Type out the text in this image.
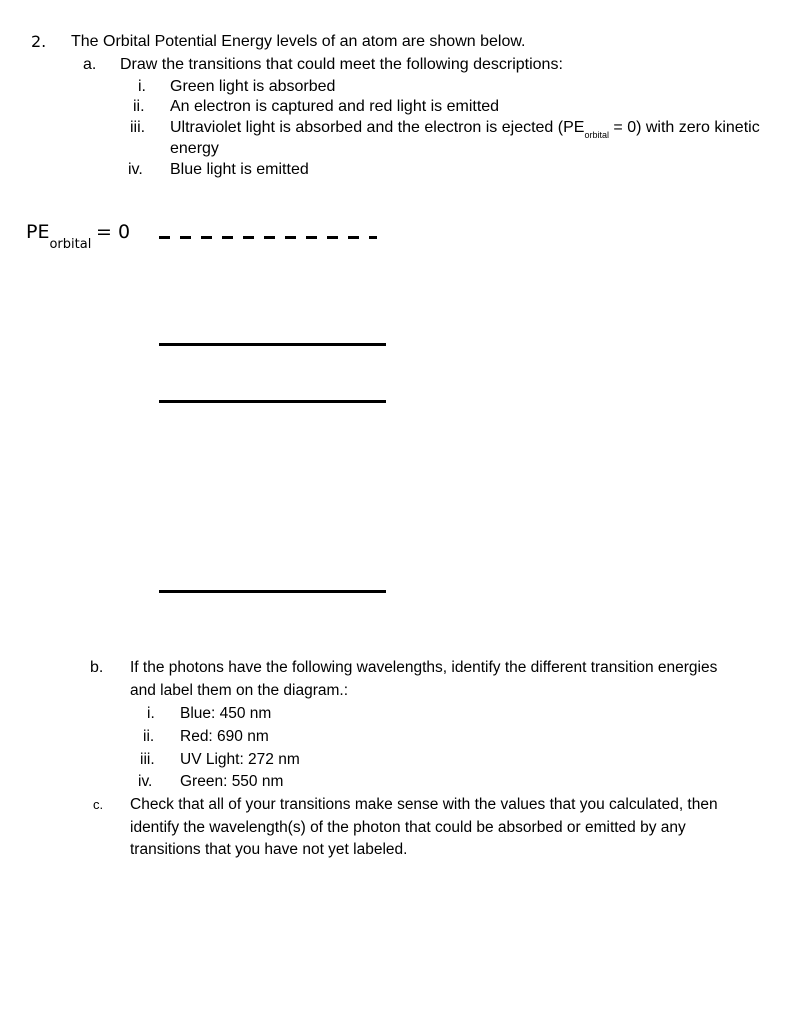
2. The Orbital Potential Energy levels of an atom are shown below.
a. Draw the transitions that could meet the following descriptions:
i. Green light is absorbed
ii. An electron is captured and red light is emitted
iii. Ultraviolet light is absorbed and the electron is ejected $(PE_{orbital} = 0)$ with zero kinetic
energy
iv. Blue light is emitted
$PE_{orbital}$
= 0
b. If the photons have the following wavelengths, identify the different transition energies
and label them on the diagram.:
i. Blue: 450 nm
ii. Red: 690 nm
iii. UV Light: 272 nm
iv. Green: 550 nm
c. Check that all of your transitions make sense with the values that you calculated, then
identify the wavelength(s) of the photon that could be absorbed or emitted by any
transitions that you have not yet labeled.
